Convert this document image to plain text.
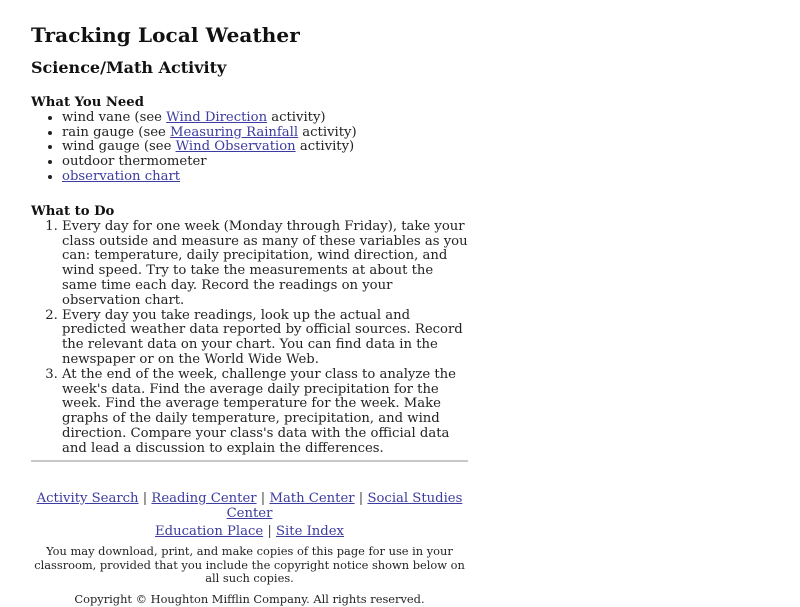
Tracking Local Weather
Science/Math Activity
What You Need
• wind vane (see Wind Direction activity)
• rain gauge (see Measuring Rainfall activity)
• wind gauge (see Wind Observation activity)
• outdoor thermometer
• observation chart
What to Do
1. Every day for one week (Monday through Friday), take your class outside and measure as many of these variables as you can: temperature, daily precipitation, wind direction, and wind speed. Try to take the measurements at about the same time each day. Record the readings on your observation chart.
2. Every day you take readings, look up the actual and predicted weather data reported by official sources. Record the relevant data on your chart. You can find data in the newspaper or on the World Wide Web.
3. At the end of the week, challenge your class to analyze the week's data. Find the average daily precipitation for the week. Find the average temperature for the week. Make graphs of the daily temperature, precipitation, and wind direction. Compare your class's data with the official data and lead a discussion to explain the differences.
Activity Search | Reading Center | Math Center | Social Studies Center
Education Place | Site Index
You may download, print, and make copies of this page for use in your classroom, provided that you include the copyright notice shown below on all such copies.
Copyright © Houghton Mifflin Company. All rights reserved.
